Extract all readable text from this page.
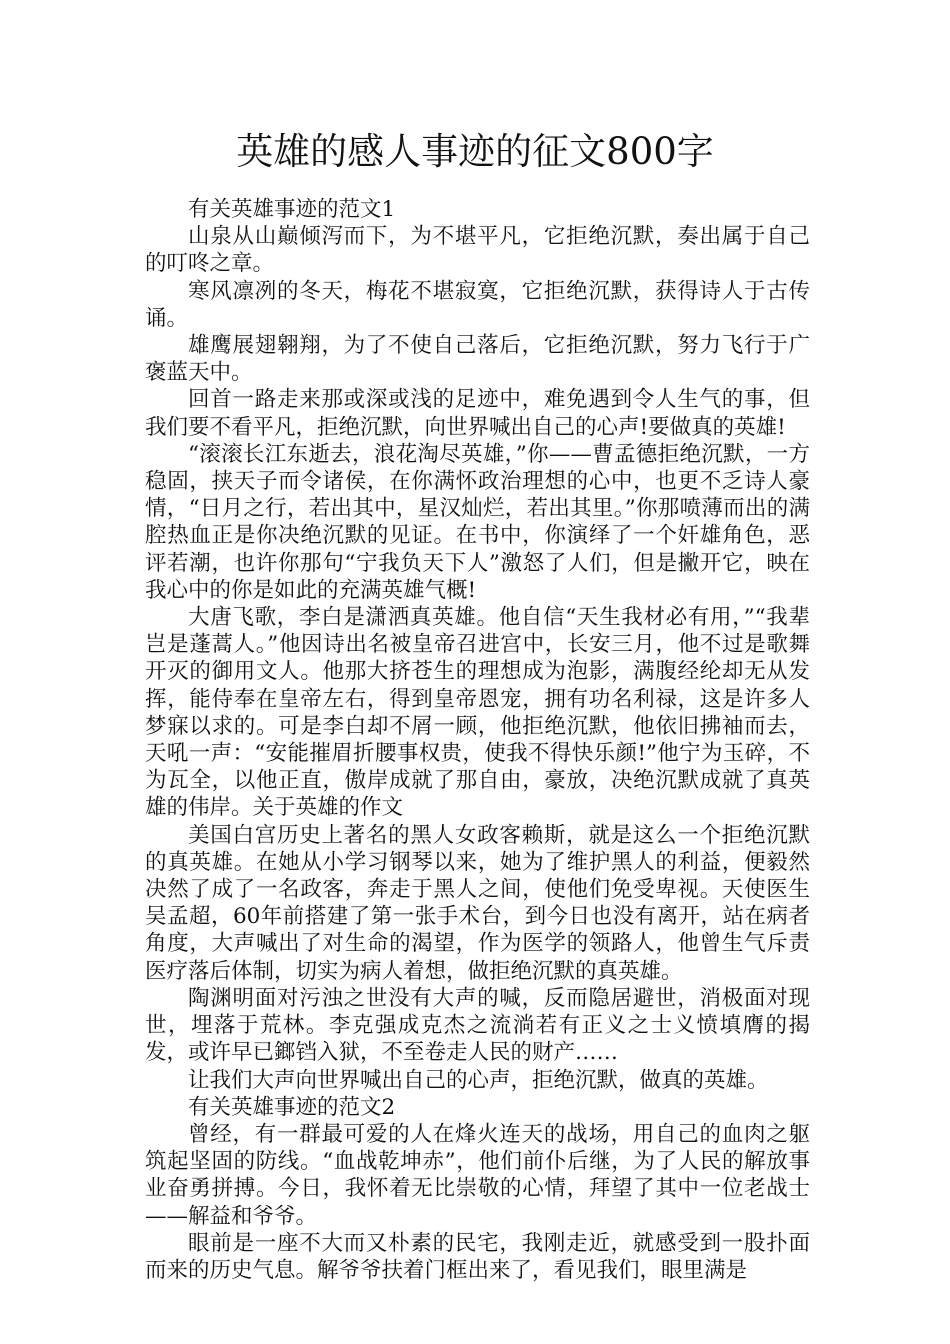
英雄的感人事迹的征文800字

有关英雄事迹的范文1

山泉从山巅倾泻而下，为不堪平凡，它拒绝沉默，奏出属于自己的叮咚之章。

寒风凛冽的冬天，梅花不堪寂寞，它拒绝沉默，获得诗人于古传诵。

雄鹰展翅翱翔，为了不使自己落后，它拒绝沉默，努力飞行于广褒蓝天中。

回首一路走来那或深或浅的足迹中，难免遇到令人生气的事，但我们要不看平凡，拒绝沉默，向世界喊出自己的心声!要做真的英雄!

“滚滚长江东逝去，浪花淘尽英雄，”你——曹孟德拒绝沉默，一方稳固，挟天子而令诸侯，在你满怀政治理想的心中，也更不乏诗人豪情，“日月之行，若出其中，星汉灿烂，若出其里。”你那喷薄而出的满腔热血正是你决绝沉默的见证。在书中，你演绎了一个奸雄角色，恶评若潮，也许你那句“宁我负天下人”激怒了人们，但是撇开它，映在我心中的你是如此的充满英雄气概!

大唐飞歌，李白是潇洒真英雄。他自信“天生我材必有用，”“我辈岂是蓬蒿人。”他因诗出名被皇帝召进宫中，长安三月，他不过是歌舞开灭的御用文人。他那大挤苍生的理想成为泡影，满腹经纶却无从发挥，能侍奉在皇帝左右，得到皇帝恩宠，拥有功名利禄，这是许多人梦寐以求的。可是李白却不屑一顾，他拒绝沉默，他依旧拂袖而去，天吼一声：“安能摧眉折腰事权贵，使我不得快乐颜!”他宁为玉碎，不为瓦全，以他正直，傲岸成就了那自由，豪放，决绝沉默成就了真英雄的伟岸。关于英雄的作文

美国白宫历史上著名的黑人女政客赖斯，就是这么一个拒绝沉默的真英雄。在她从小学习钢琴以来，她为了维护黑人的利益，便毅然决然了成了一名政客，奔走于黑人之间，使他们免受卑视。天使医生吴孟超，60年前搭建了第一张手术台，到今日也没有离开，站在病者角度，大声喊出了对生命的渴望，作为医学的领路人，他曾生气斥责医疗落后体制，切实为病人着想，做拒绝沉默的真英雄。

陶渊明面对污浊之世没有大声的喊，反而隐居避世，消极面对现世，埋落于荒林。李克强成克杰之流淌若有正义之士义愤填膺的揭发，或许早已鎯铛入狱，不至卷走人民的财产……

让我们大声向世界喊出自己的心声，拒绝沉默，做真的英雄。

有关英雄事迹的范文2

曾经，有一群最可爱的人在烽火连天的战场，用自己的血肉之躯筑起坚固的防线。“血战乾坤赤”，他们前仆后继，为了人民的解放事业奋勇拼搏。今日，我怀着无比崇敬的心情，拜望了其中一位老战士——解益和爷爷。

眼前是一座不大而又朴素的民宅，我刚走近，就感受到一股扑面而来的历史气息。解爷爷扶着门框出来了，看见我们，眼里满是
